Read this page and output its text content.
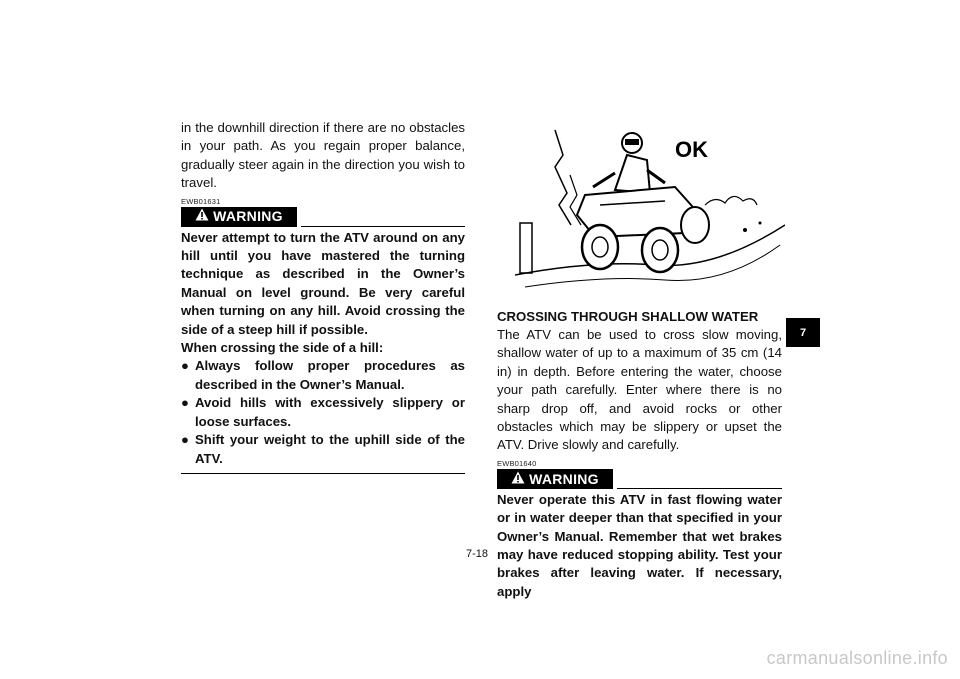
in the downhill direction if there are no obstacles in your path. As you regain proper balance, gradually steer again in the direction you wish to travel.
EWB01631
WARNING
Never attempt to turn the ATV around on any hill until you have mastered the turning technique as described in the Owner’s Manual on level ground. Be very careful when turning on any hill. Avoid crossing the side of a steep hill if possible.
When crossing the side of a hill:
● Always follow proper procedures as described in the Owner’s Manual.
● Avoid hills with excessively slippery or loose surfaces.
● Shift your weight to the uphill side of the ATV.
OK
CROSSING THROUGH SHALLOW WATER
The ATV can be used to cross slow moving, shallow water of up to a maximum of 35 cm (14 in) in depth. Before entering the water, choose your path carefully. Enter where there is no sharp drop off, and avoid rocks or other obstacles which may be slippery or upset the ATV. Drive slowly and carefully.
EWB01640
WARNING
Never operate this ATV in fast flowing water or in water deeper than that specified in your Owner’s Manual. Remember that wet brakes may have reduced stopping ability. Test your brakes after leaving water. If necessary, apply
7
7-18
carmanualsonline.info
